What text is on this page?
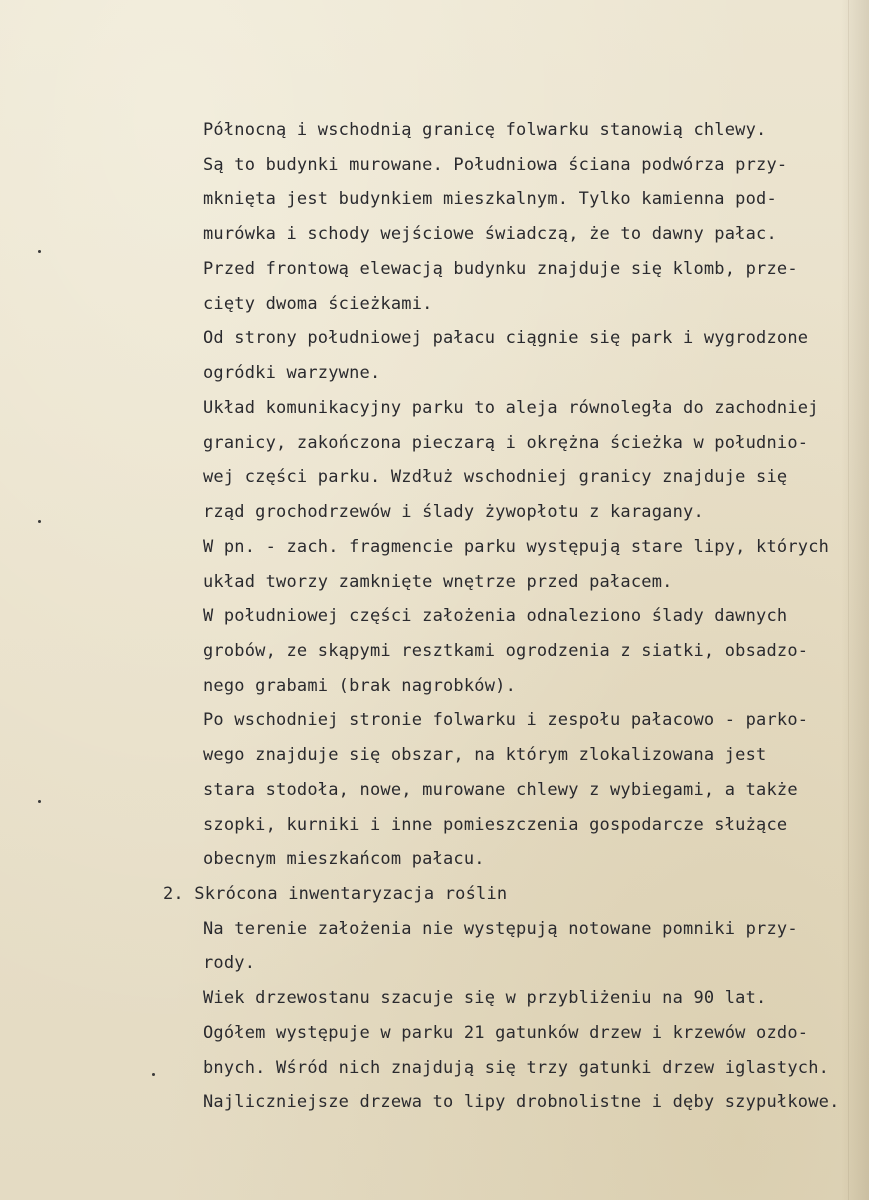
Północną i wschodnią granicę folwarku stanowią chlewy.
Są to budynki murowane. Południowa ściana podwórza przy-
mknięta jest budynkiem mieszkalnym. Tylko kamienna pod-
murówka i schody wejściowe świadczą, że to dawny pałac.
Przed frontową elewacją budynku znajduje się klomb, prze-
cięty dwoma ścieżkami.
Od strony południowej pałacu ciągnie się park i wygrodzone
ogródki warzywne.
Układ komunikacyjny parku to aleja równoległa do zachodniej
granicy, zakończona pieczarą i okrężna ścieżka w południo-
wej części parku. Wzdłuż wschodniej granicy znajduje się
rząd grochodrzewów i ślady żywopłotu z karagany.
W pn. - zach. fragmencie parku występują stare lipy, których
układ tworzy zamknięte wnętrze przed pałacem.
W południowej części założenia odnaleziono ślady dawnych
grobów, ze skąpymi resztkami ogrodzenia z siatki, obsadzo-
nego grabami (brak nagrobków).
Po wschodniej stronie folwarku i zespołu pałacowo - parko-
wego znajduje się obszar, na którym zlokalizowana jest
stara stodoła, nowe, murowane chlewy z wybiegami, a także
szopki, kurniki i inne pomieszczenia gospodarcze służące
obecnym mieszkańcom pałacu.
2. Skrócona inwentaryzacja roślin
Na terenie założenia nie występują notowane pomniki przy-
rody.
Wiek drzewostanu szacuje się w przybliżeniu na 90 lat.
Ogółem występuje w parku 21 gatunków drzew i krzewów ozdo-
bnych. Wśród nich znajdują się trzy gatunki drzew iglastych.
Najliczniejsze drzewa to lipy drobnolistne i dęby szypułkowe.
